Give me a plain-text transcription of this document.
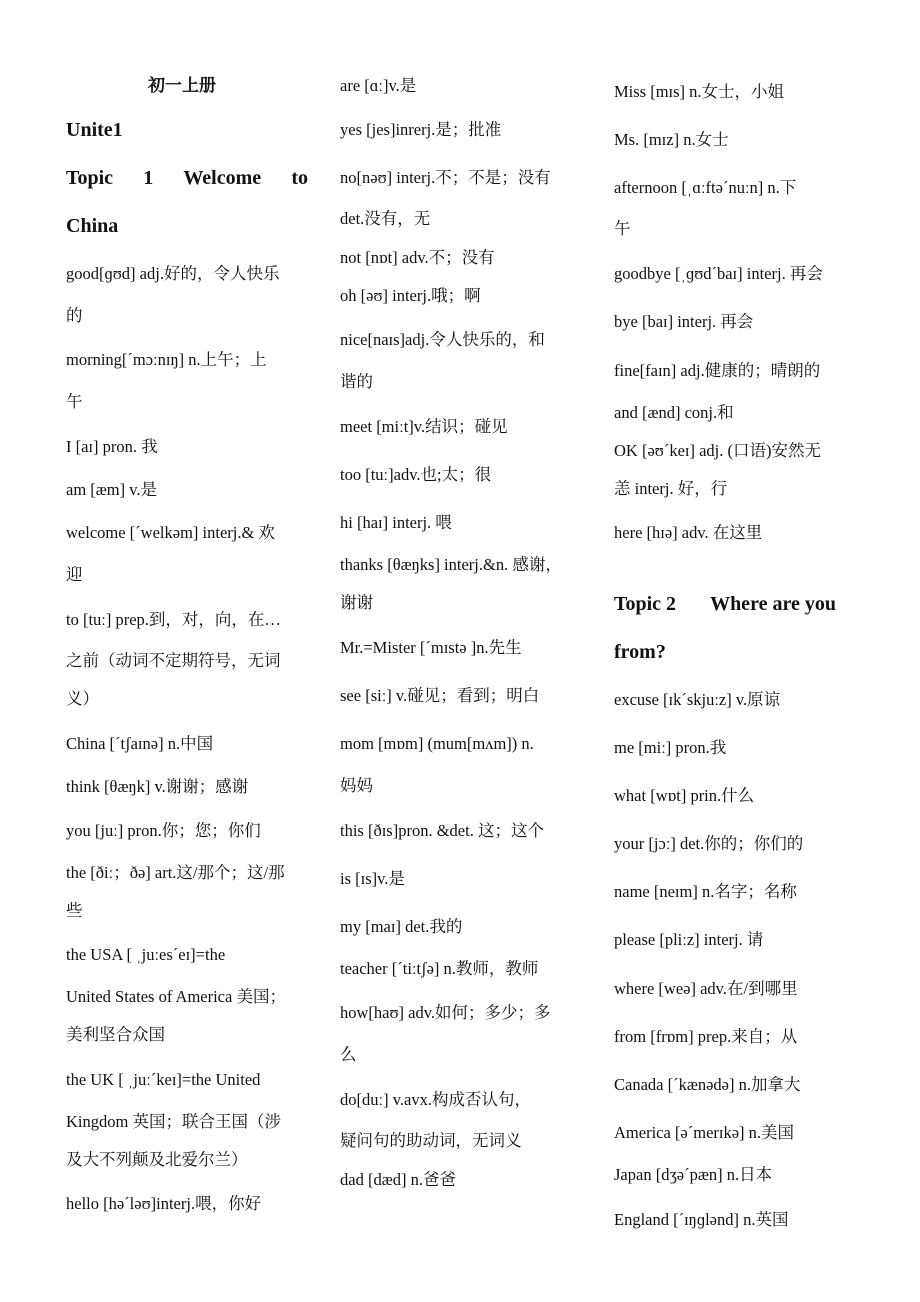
初一上册
Unite1
Topic 1 Welcome to
China
good[ɡʊd] adj.好的，令人快乐
的
morning[ˊmɔːnɪŋ] n.上午；上
午
I [aɪ] pron. 我
am [æm] v.是
welcome [ˊwelkəm] interj.& 欢
迎
to [tuː] prep.到，对，向，在…
之前（动词不定期符号，无词
义）
China [ˊtʃaɪnə] n.中国
think [θæŋk] v.谢谢；感谢
you [juː] pron.你；您；你们
the [ðiː；ðə] art.这/那个；这/那
些
the USA [ ˌjuːesˊeɪ]=the
United States of America 美国；
美利坚合众国
the UK [ ˌjuːˊkeɪ]=the United
Kingdom 英国；联合王国（涉
及大不列颠及北爱尔兰）
hello [həˊləʊ]interj.喂，你好
are [ɑː]v.是
yes [jes]inrerj.是；批准
no[nəʊ] interj.不；不是；没有
det.没有，无
not [nɒt] adv.不；没有
oh [əʊ] interj.哦；啊
nice[naɪs]adj.令人快乐的，和
谐的
meet [miːt]v.结识；碰见
too [tuː]adv.也;太；很
hi [haɪ] interj. 喂
thanks [θæŋks] interj.&n. 感谢，
谢谢
Mr.=Mister [ˊmɪstə ]n.先生
see [siː] v.碰见；看到；明白
mom [mɒm] (mum[mʌm]) n.
妈妈
this [ðɪs]pron. &det. 这；这个
is [ɪs]v.是
my [maɪ] det.我的
teacher [ˊtiːtʃə] n.教师，教师
how[haʊ] adv.如何；多少；多
么
do[duː] v.avx.构成否认句，
疑问句的助动词，无词义
dad [dæd] n.爸爸
Miss [mɪs] n.女士，小姐
Ms. [mɪz] n.女士
afternoon [ˌɑːftəˊnuːn] n.下
午
goodbye [ˌɡʊdˊbaɪ] interj. 再会
bye [baɪ] interj. 再会
fine[faɪn] adj.健康的；晴朗的
and [ænd] conj.和
OK [əʊˊkeɪ] adj. (口语)安然无
恙 interj. 好，行
here [hɪə] adv. 在这里
Topic 2 Where are you
from?
excuse [ɪkˊskjuːz] v.原谅
me [miː] pron.我
what [wɒt] prin.什么
your [jɔː] det.你的；你们的
name [neɪm] n.名字；名称
please [pliːz] interj. 请
where [weə] adv.在/到哪里
from [frɒm] prep.来自；从
Canada [ˊkænədə] n.加拿大
America [əˊmerɪkə] n.美国
Japan [dʒəˊpæn] n.日本
England [ˊɪŋɡlənd] n.英国
